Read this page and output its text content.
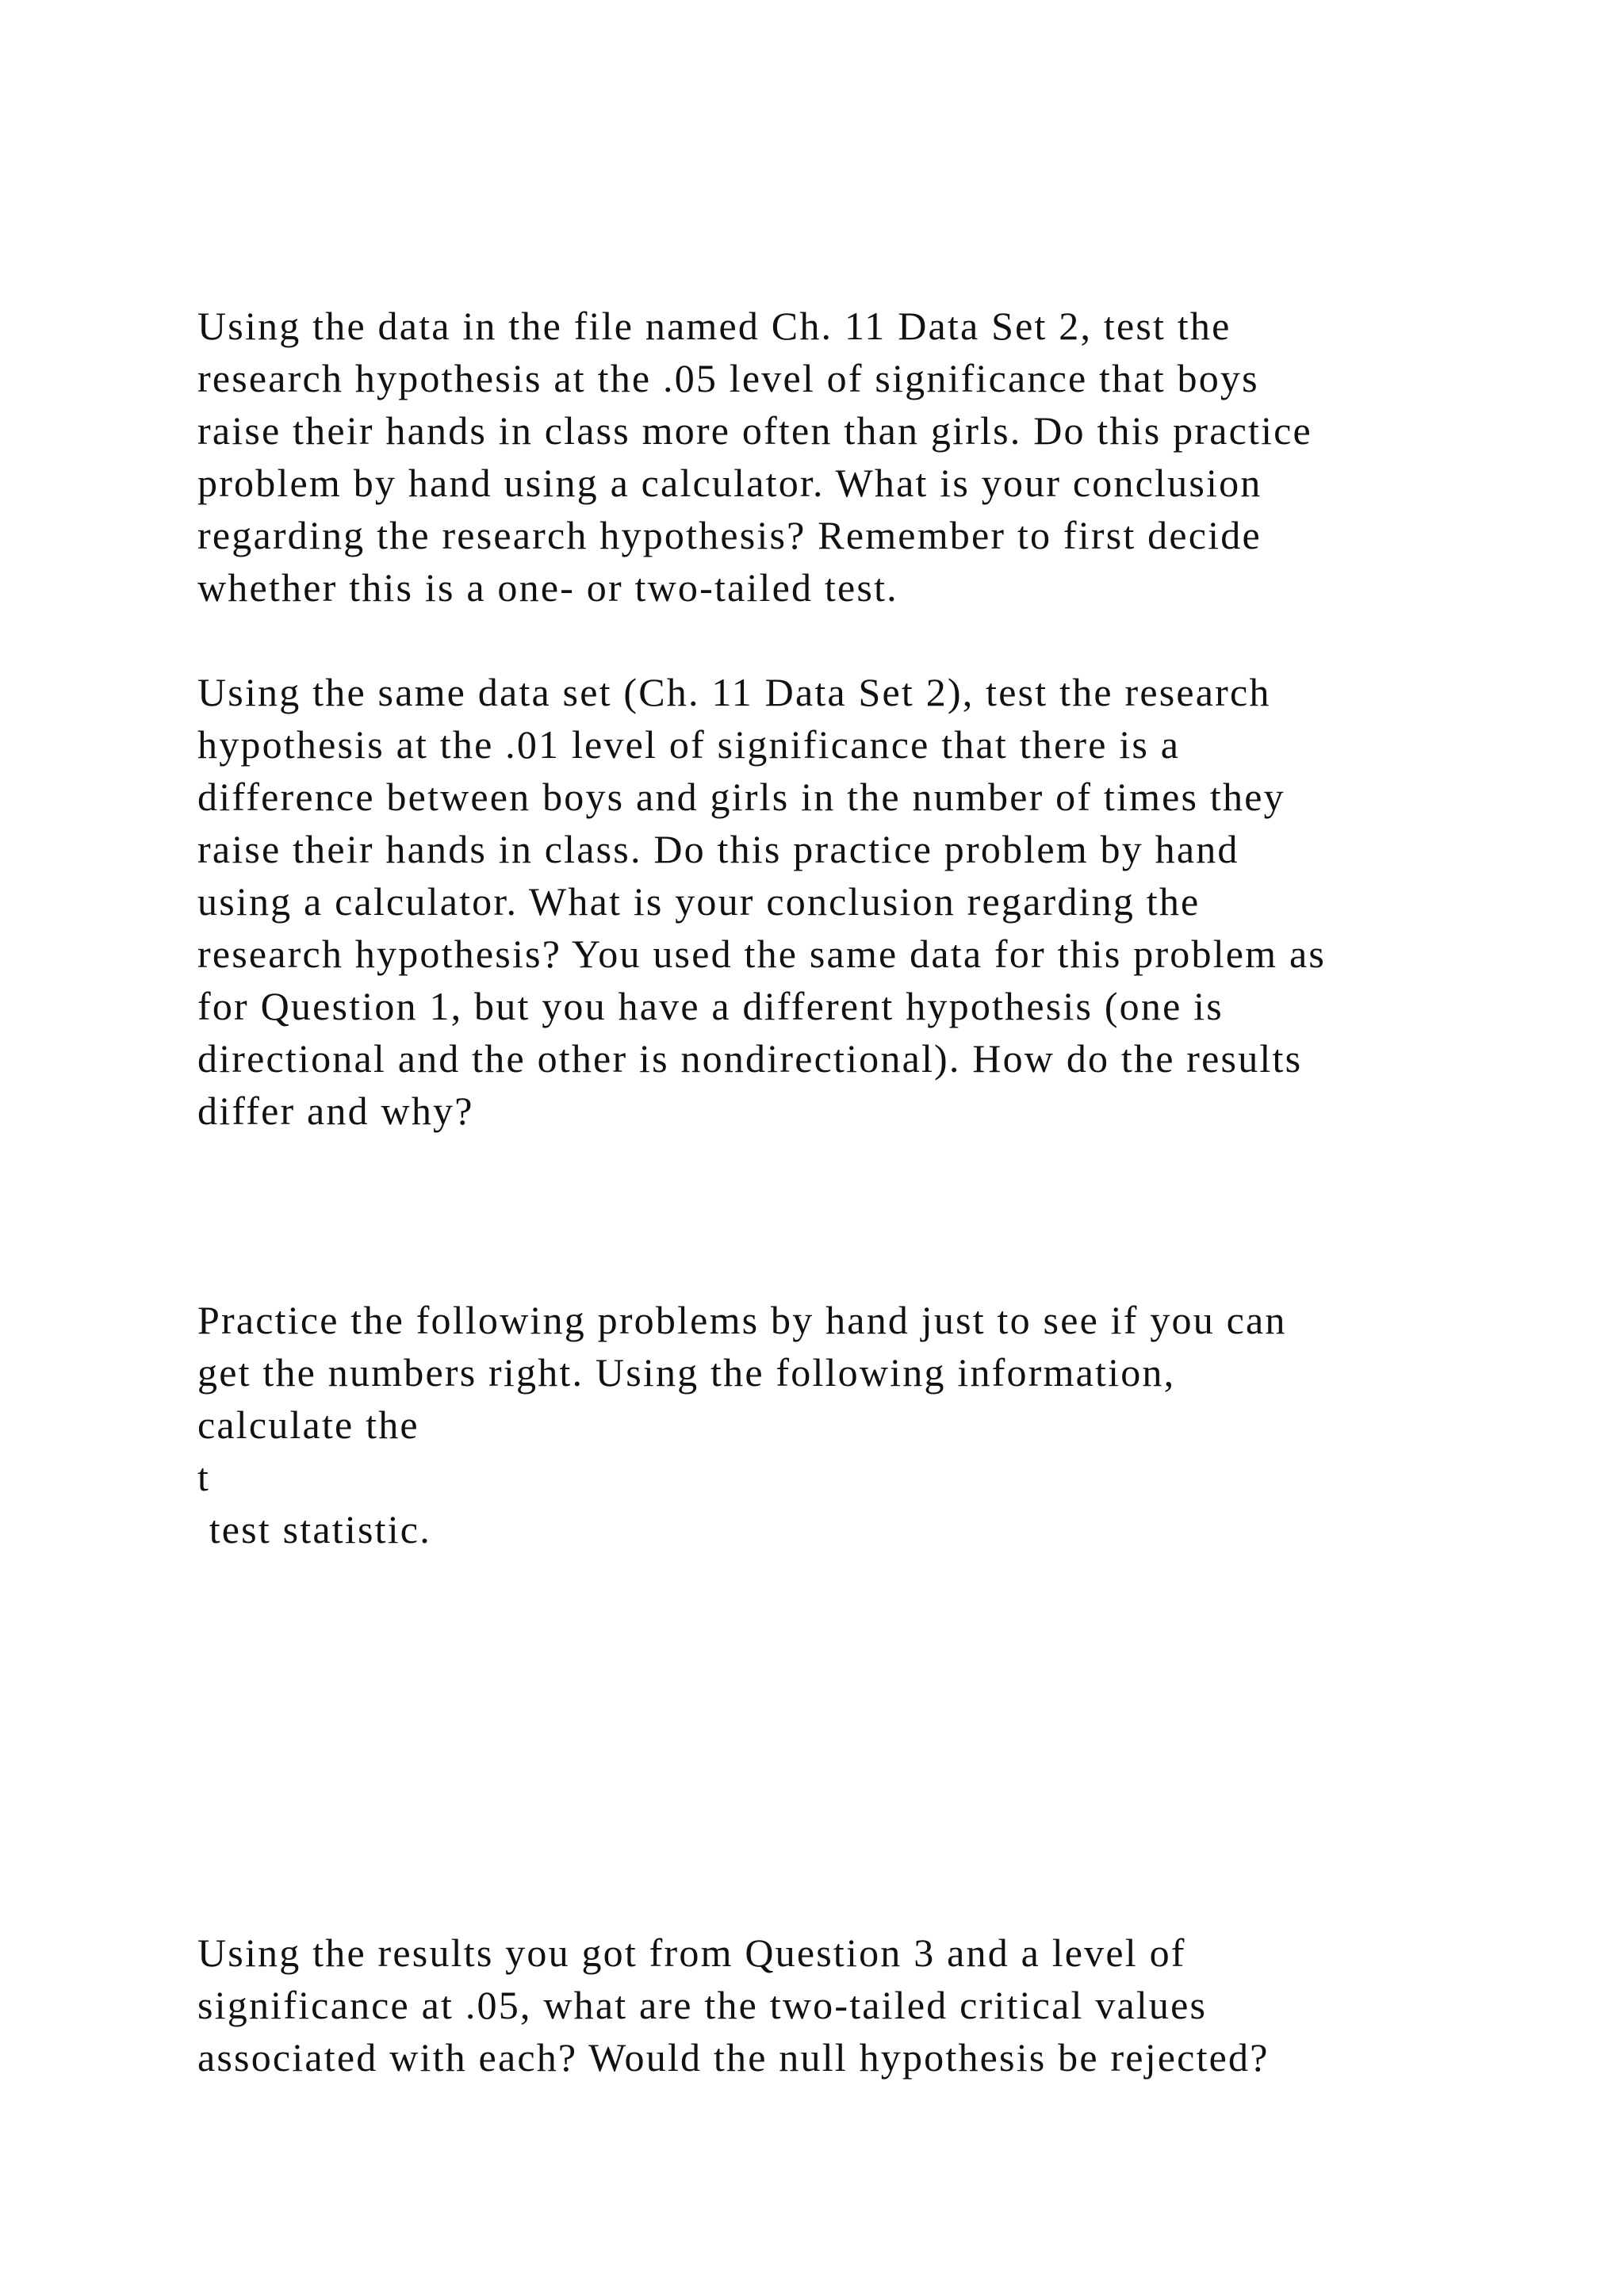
Using the data in the file named Ch. 11 Data Set 2, test the

research hypothesis at the .05 level of significance that boys

raise their hands in class more often than girls. Do this practice

problem by hand using a calculator. What is your conclusion

regarding the research hypothesis? Remember to first decide

whether this is a one- or two-tailed test.

Using the same data set (Ch. 11 Data Set 2), test the research

hypothesis at the .01 level of significance that there is a

difference between boys and girls in the number of times they

raise their hands in class. Do this practice problem by hand

using a calculator. What is your conclusion regarding the

research hypothesis? You used the same data for this problem as

for Question 1, but you have a different hypothesis (one is

directional and the other is nondirectional). How do the results

differ and why?

Practice the following problems by hand just to see if you can

get the numbers right. Using the following information,

calculate the

t

test statistic.

Using the results you got from Question 3 and a level of

significance at .05, what are the two-tailed critical values

associated with each? Would the null hypothesis be rejected?
